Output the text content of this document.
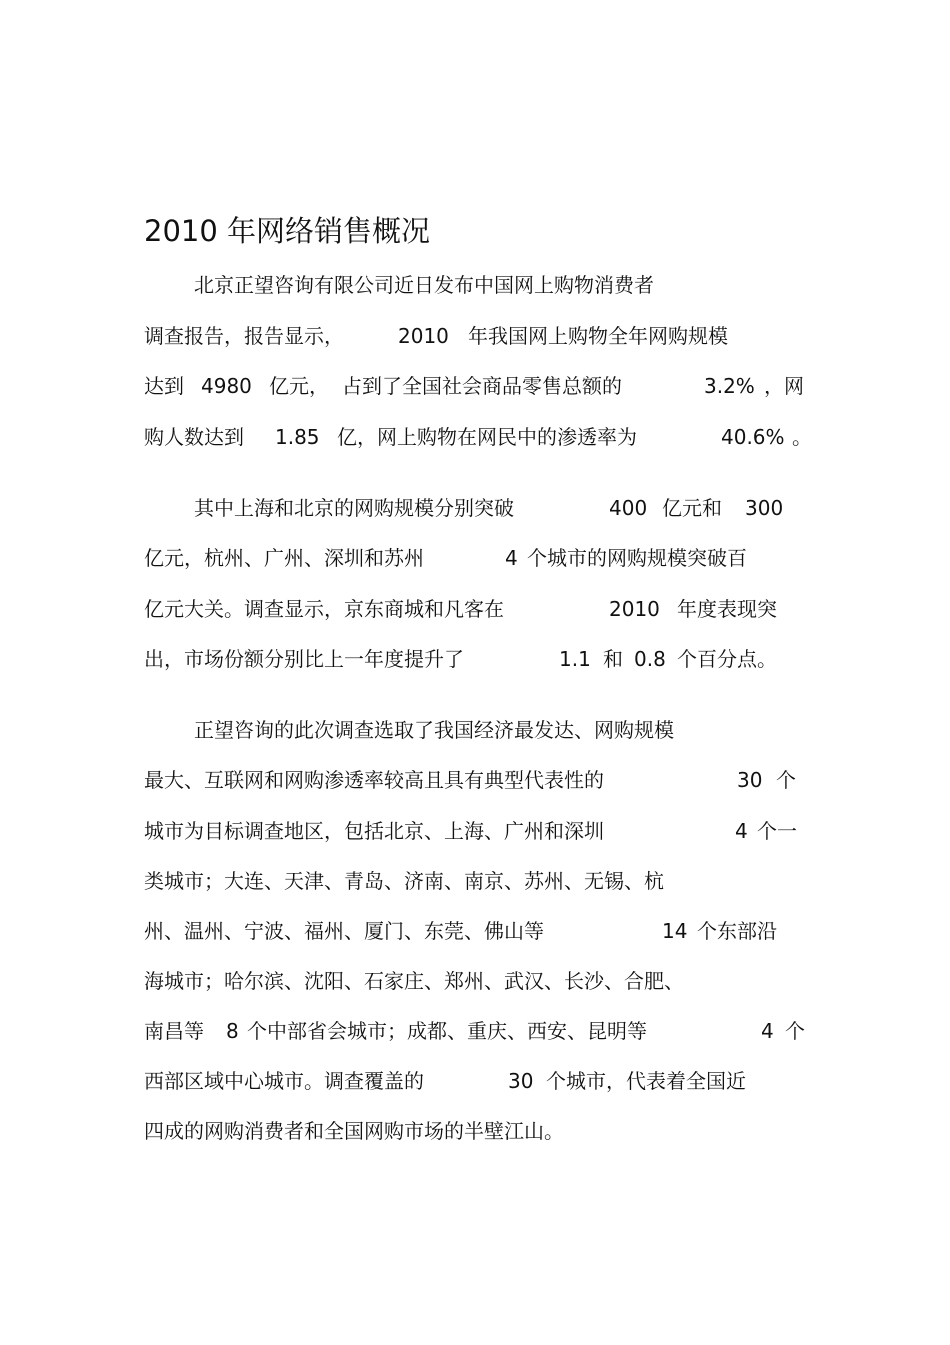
2010 年网络销售概况
北京正望咨询有限公司近日发布中国网上购物消费者
调查报告，报告显示，	2010 年我国网上购物全年网购规模
达到 4980 亿元， 占到了全国社会商品零售总额的	3.2% ，网
购人数达到 1.85 亿，网上购物在网民中的渗透率为	40.6% 。
其中上海和北京的网购规模分别突破	400 亿元和 300
亿元，杭州、广州、深圳和苏州	4 个城市的网购规模突破百
亿元大关。调查显示，京东商城和凡客在	2010 年度表现突
出，市场份额分别比上一年度提升了	1.1 和 0.8 个百分点。
正望咨询的此次调查选取了我国经济最发达、网购规模
最大、互联网和网购渗透率较高且具有典型代表性的	30 个
城市为目标调查地区，包括北京、上海、广州和深圳	4 个一
类城市；大连、天津、青岛、济南、南京、苏州、无锡、杭
州、温州、宁波、福州、厦门、东莞、佛山等	14 个东部沿
海城市；哈尔滨、沈阳、石家庄、郑州、武汉、长沙、合肥、
南昌等 8 个中部省会城市；成都、重庆、西安、昆明等	4 个
西部区域中心城市。调查覆盖的	30 个城市，代表着全国近
四成的网购消费者和全国网购市场的半壁江山。
